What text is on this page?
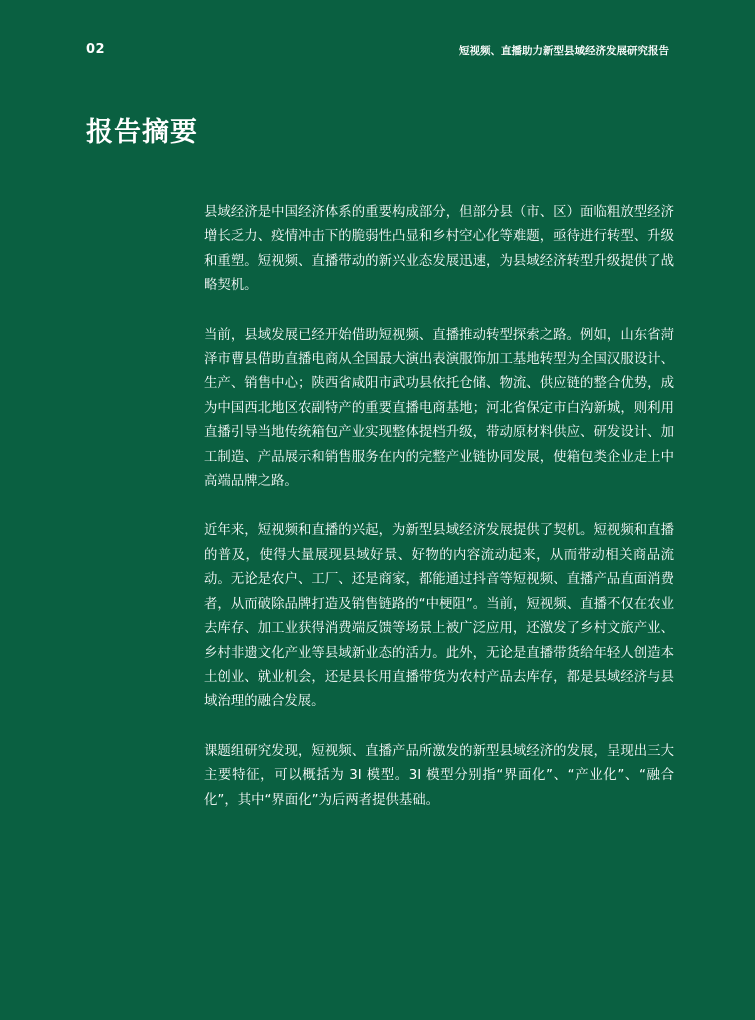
02	短视频、直播助力新型县域经济发展研究报告
报告摘要

县域经济是中国经济体系的重要构成部分，但部分县（市、区）面临粗放型经济增长乏力、疫情冲击下的脆弱性凸显和乡村空心化等难题，亟待进行转型、升级和重塑。短视频、直播带动的新兴业态发展迅速，为县域经济转型升级提供了战略契机。

当前，县域发展已经开始借助短视频、直播推动转型探索之路。例如，山东省菏泽市曹县借助直播电商从全国最大演出表演服饰加工基地转型为全国汉服设计、生产、销售中心；陕西省咸阳市武功县依托仓储、物流、供应链的整合优势，成为中国西北地区农副特产的重要直播电商基地；河北省保定市白沟新城，则利用直播引导当地传统箱包产业实现整体提档升级，带动原材料供应、研发设计、加工制造、产品展示和销售服务在内的完整产业链协同发展，使箱包类企业走上中高端品牌之路。

近年来，短视频和直播的兴起，为新型县域经济发展提供了契机。短视频和直播的普及，使得大量展现县域好景、好物的内容流动起来，从而带动相关商品流动。无论是农户、工厂、还是商家，都能通过抖音等短视频、直播产品直面消费者，从而破除品牌打造及销售链路的“中梗阻”。当前，短视频、直播不仅在农业去库存、加工业获得消费端反馈等场景上被广泛应用，还激发了乡村文旅产业、乡村非遗文化产业等县域新业态的活力。此外，无论是直播带货给年轻人创造本土创业、就业机会，还是县长用直播带货为农村产品去库存，都是县域经济与县域治理的融合发展。

课题组研究发现，短视频、直播产品所激发的新型县域经济的发展，呈现出三大主要特征，可以概括为 3I 模型。3I 模型分别指“界面化”、“产业化”、“融合化”，其中“界面化”为后两者提供基础。
